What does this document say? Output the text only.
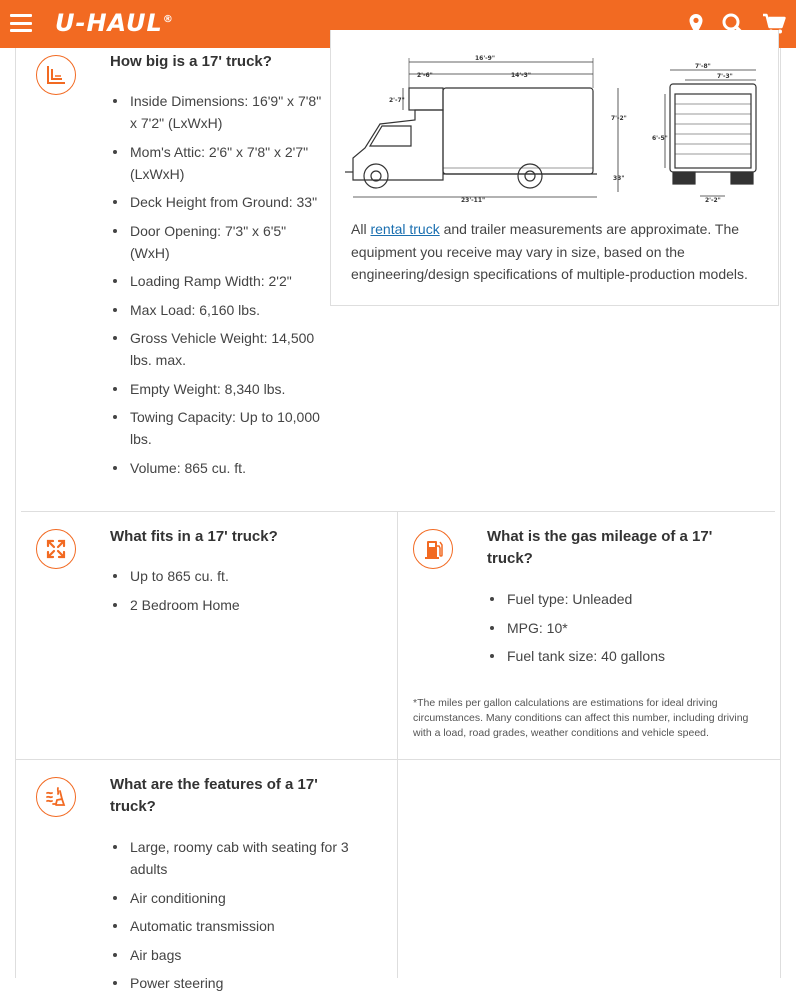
U-HAUL®
How big is a 17' truck?
Inside Dimensions: 16'9" x 7'8" x 7'2" (LxWxH)
Mom's Attic: 2'6" x 7'8" x 2'7" (LxWxH)
Deck Height from Ground: 33"
Door Opening: 7'3" x 6'5" (WxH)
Loading Ramp Width: 2'2"
Max Load: 6,160 lbs.
Gross Vehicle Weight: 14,500 lbs. max.
Empty Weight: 8,340 lbs.
Towing Capacity: Up to 10,000 lbs.
Volume: 865 cu. ft.
16'-9"
2'-6"	14'-3"
2'-7"
7'-2"
33"
23'-11"
7'-8"
7'-3"
6'-5"
2'-2"
All rental truck and trailer measurements are approximate. The equipment you receive may vary in size, based on the engineering/design specifications of multiple-production models.
What fits in a 17' truck?
Up to 865 cu. ft.
2 Bedroom Home
What is the gas mileage of a 17' truck?
Fuel type: Unleaded
MPG: 10*
Fuel tank size: 40 gallons
*The miles per gallon calculations are estimations for ideal driving circumstances. Many conditions can affect this number, including driving with a load, road grades, weather conditions and vehicle speed.
What are the features of a 17' truck?
Large, roomy cab with seating for 3 adults
Air conditioning
Automatic transmission
Air bags
Power steering
